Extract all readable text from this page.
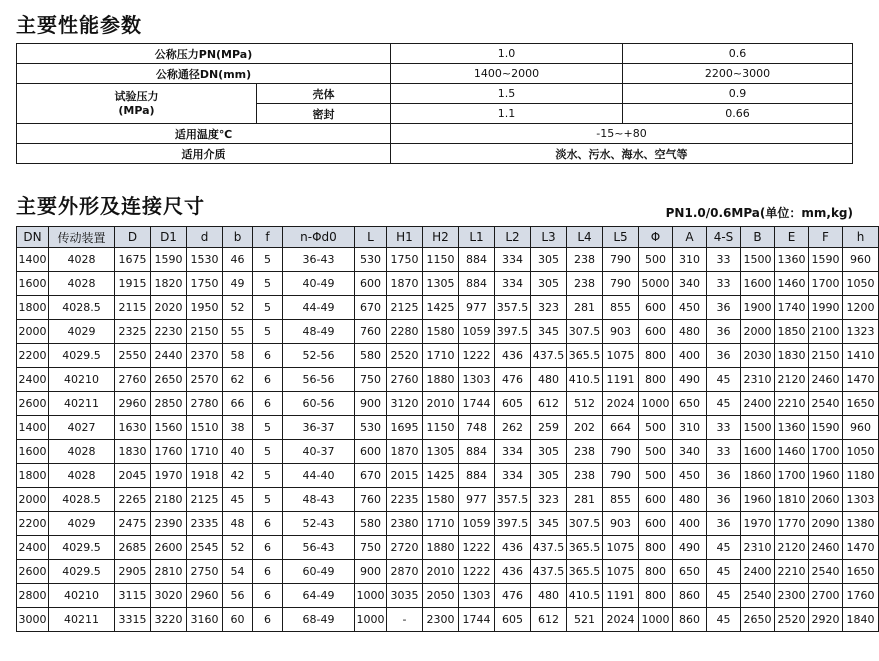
主要性能参数
公称压力PN(MPa)		1.0	0.6
公称通径DN(mm)		1400~2000	2200~3000

试验压力
(MPa)	壳体	1.5	0.9
	密封	1.1	0.66
适用温度℃		-15~+80	
适用介质		淡水、污水、海水、空气等	
主要外形及连接尺寸	PN1.0/0.6MPa(单位：mm,kg)
DN	传动装置	D	D1	d	b	f	n-Φd0	L	H1	H2	L1	L2	L3	L4	L5	Φ	A	4-S	B	E	F	h
1400	4028	1675	1590	1530	46	5	36-43	530	1750	1150	884	334	305	238	790	500	310	33	1500	1360	1590	960
1600	4028	1915	1820	1750	49	5	40-49	600	1870	1305	884	334	305	238	790	5000	340	33	1600	1460	1700	1050
1800	4028.5	2115	2020	1950	52	5	44-49	670	2125	1425	977	357.5	323	281	855	600	450	36	1900	1740	1990	1200
2000	4029	2325	2230	2150	55	5	48-49	760	2280	1580	1059	397.5	345	307.5	903	600	480	36	2000	1850	2100	1323
2200	4029.5	2550	2440	2370	58	6	52-56	580	2520	1710	1222	436	437.5	365.5	1075	800	400	36	2030	1830	2150	1410
2400	40210	2760	2650	2570	62	6	56-56	750	2760	1880	1303	476	480	410.5	1191	800	490	45	2310	2120	2460	1470
2600	40211	2960	2850	2780	66	6	60-56	900	3120	2010	1744	605	612	512	2024	1000	650	45	2400	2210	2540	1650
1400	4027	1630	1560	1510	38	5	36-37	530	1695	1150	748	262	259	202	664	500	310	33	1500	1360	1590	960
1600	4028	1830	1760	1710	40	5	40-37	600	1870	1305	884	334	305	238	790	500	340	33	1600	1460	1700	1050
1800	4028	2045	1970	1918	42	5	44-40	670	2015	1425	884	334	305	238	790	500	450	36	1860	1700	1960	1180
2000	4028.5	2265	2180	2125	45	5	48-43	760	2235	1580	977	357.5	323	281	855	600	480	36	1960	1810	2060	1303
2200	4029	2475	2390	2335	48	6	52-43	580	2380	1710	1059	397.5	345	307.5	903	600	400	36	1970	1770	2090	1380
2400	4029.5	2685	2600	2545	52	6	56-43	750	2720	1880	1222	436	437.5	365.5	1075	800	490	45	2310	2120	2460	1470
2600	4029.5	2905	2810	2750	54	6	60-49	900	2870	2010	1222	436	437.5	365.5	1075	800	650	45	2400	2210	2540	1650
2800	40210	3115	3020	2960	56	6	64-49	1000	3035	2050	1303	476	480	410.5	1191	800	860	45	2540	2300	2700	1760
3000	40211	3315	3220	3160	60	6	68-49	1000	-	2300	1744	605	612	521	2024	1000	860	45	2650	2520	2920	1840
